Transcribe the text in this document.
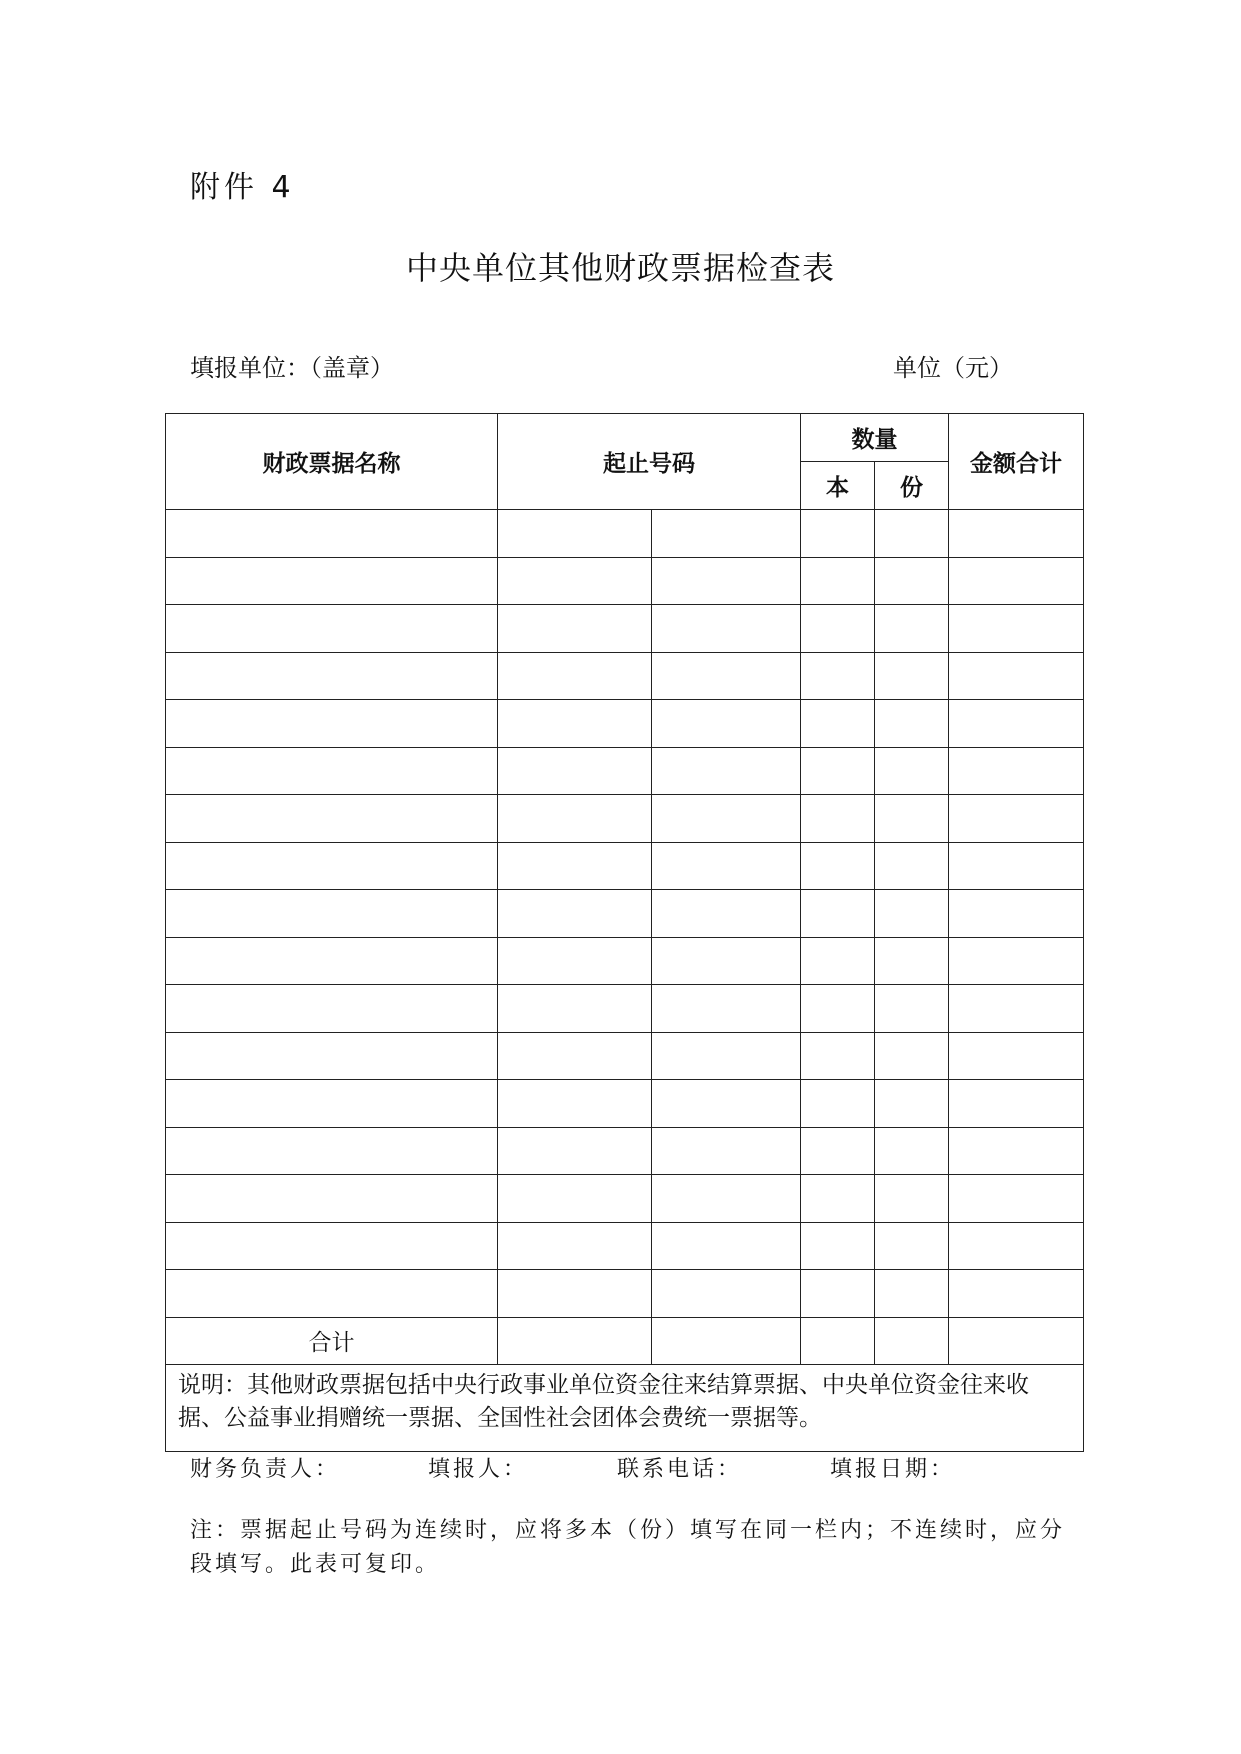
附件 4
中央单位其他财政票据检查表
填报单位：（盖章）	单位（元）
财政票据名称	起止号码		数量		金额合计
			本	份	

合计					
说明：其他财政票据包括中央行政事业单位资金往来结算票据、中央单位资金往来收据、公益事业捐赠统一票据、全国性社会团体会费统一票据等。					
财务负责人：	填报人：	联系电话：	填报日期：
注：票据起止号码为连续时，应将多本（份）填写在同一栏内；不连续时，应分段填写。此表可复印。
